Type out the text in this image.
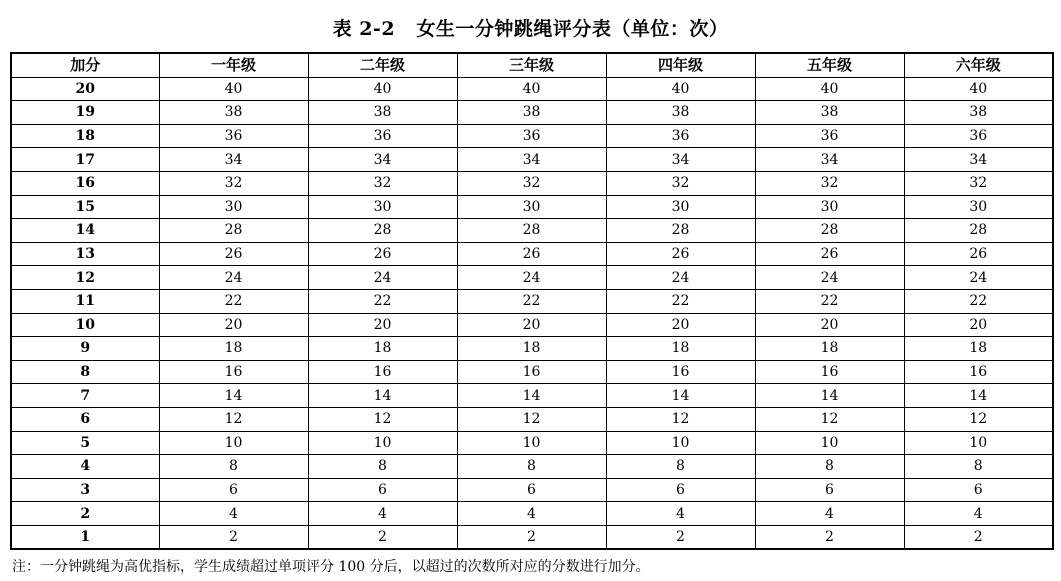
表 2-2   女生一分钟跳绳评分表（单位：次）
加分	一年级	二年级	三年级	四年级	五年级	六年级
20	40	40	40	40	40	40
19	38	38	38	38	38	38
18	36	36	36	36	36	36
17	34	34	34	34	34	34
16	32	32	32	32	32	32
15	30	30	30	30	30	30
14	28	28	28	28	28	28
13	26	26	26	26	26	26
12	24	24	24	24	24	24
11	22	22	22	22	22	22
10	20	20	20	20	20	20
9	18	18	18	18	18	18
8	16	16	16	16	16	16
7	14	14	14	14	14	14
6	12	12	12	12	12	12
5	10	10	10	10	10	10
4	8	8	8	8	8	8
3	6	6	6	6	6	6
2	4	4	4	4	4	4
1	2	2	2	2	2	2
注：一分钟跳绳为高优指标，学生成绩超过单项评分 100 分后，以超过的次数所对应的分数进行加分。
